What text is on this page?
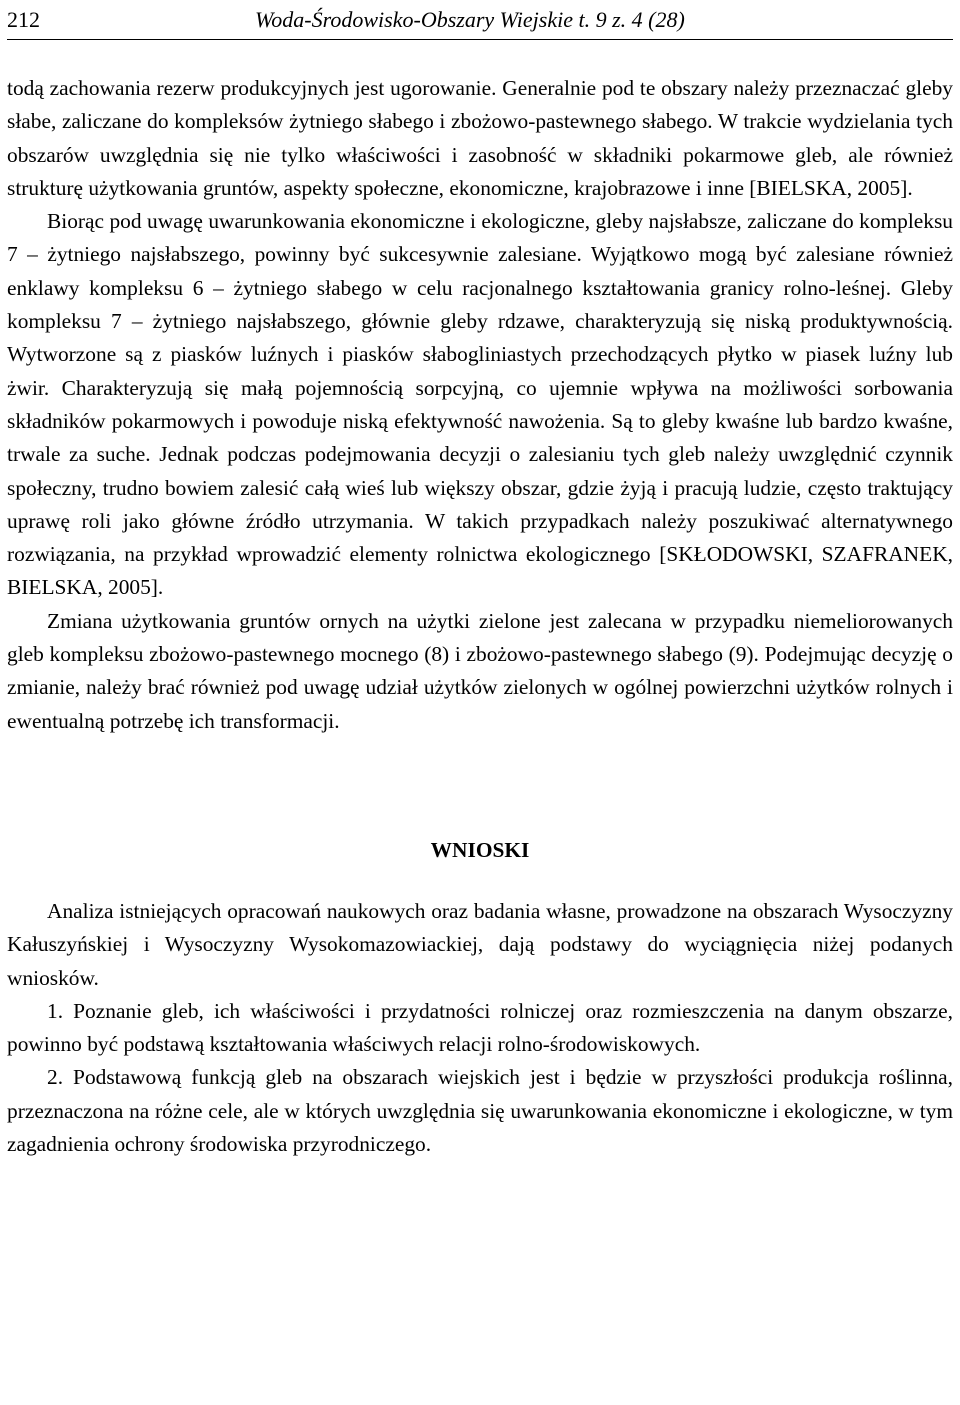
212	Woda-Środowisko-Obszary Wiejskie t. 9 z. 4 (28)

todą zachowania rezerw produkcyjnych jest ugorowanie. Generalnie pod te obszary należy przeznaczać gleby słabe, zaliczane do kompleksów żytniego słabego i zbożowo-pastewnego słabego. W trakcie wydzielania tych obszarów uwzględnia się nie tylko właściwości i zasobność w składniki pokarmowe gleb, ale również strukturę użytkowania gruntów, aspekty społeczne, ekonomiczne, krajobrazowe i inne [BIELSKA, 2005].

Biorąc pod uwagę uwarunkowania ekonomiczne i ekologiczne, gleby najsłabsze, zaliczane do kompleksu 7 – żytniego najsłabszego, powinny być sukcesywnie zalesiane. Wyjątkowo mogą być zalesiane również enklawy kompleksu 6 – żytniego słabego w celu racjonalnego kształtowania granicy rolno-leśnej. Gleby kompleksu 7 – żytniego najsłabszego, głównie gleby rdzawe, charakteryzują się niską produktywnością. Wytworzone są z piasków luźnych i piasków słabogliniastych przechodzących płytko w piasek luźny lub żwir. Charakteryzują się małą pojemnością sorpcyjną, co ujemnie wpływa na możliwości sorbowania składników pokarmowych i powoduje niską efektywność nawożenia. Są to gleby kwaśne lub bardzo kwaśne, trwale za suche. Jednak podczas podejmowania decyzji o zalesianiu tych gleb należy uwzględnić czynnik społeczny, trudno bowiem zalesić całą wieś lub większy obszar, gdzie żyją i pracują ludzie, często traktujący uprawę roli jako główne źródło utrzymania. W takich przypadkach należy poszukiwać alternatywnego rozwiązania, na przykład wprowadzić elementy rolnictwa ekologicznego [SKŁODOWSKI, SZAFRANEK, BIELSKA, 2005].

Zmiana użytkowania gruntów ornych na użytki zielone jest zalecana w przypadku niemeliorowanych gleb kompleksu zbożowo-pastewnego mocnego (8) i zbożowo-pastewnego słabego (9). Podejmując decyzję o zmianie, należy brać również pod uwagę udział użytków zielonych w ogólnej powierzchni użytków rolnych i ewentualną potrzebę ich transformacji.

WNIOSKI

Analiza istniejących opracowań naukowych oraz badania własne, prowadzone na obszarach Wysoczyzny Kałuszyńskiej i Wysoczyzny Wysokomazowiackiej, dają podstawy do wyciągnięcia niżej podanych wniosków.

1. Poznanie gleb, ich właściwości i przydatności rolniczej oraz rozmieszczenia na danym obszarze, powinno być podstawą kształtowania właściwych relacji rolno-środowiskowych.

2. Podstawową funkcją gleb na obszarach wiejskich jest i będzie w przyszłości produkcja roślinna, przeznaczona na różne cele, ale w których uwzględnia się uwarunkowania ekonomiczne i ekologiczne, w tym zagadnienia ochrony środowiska przyrodniczego.
